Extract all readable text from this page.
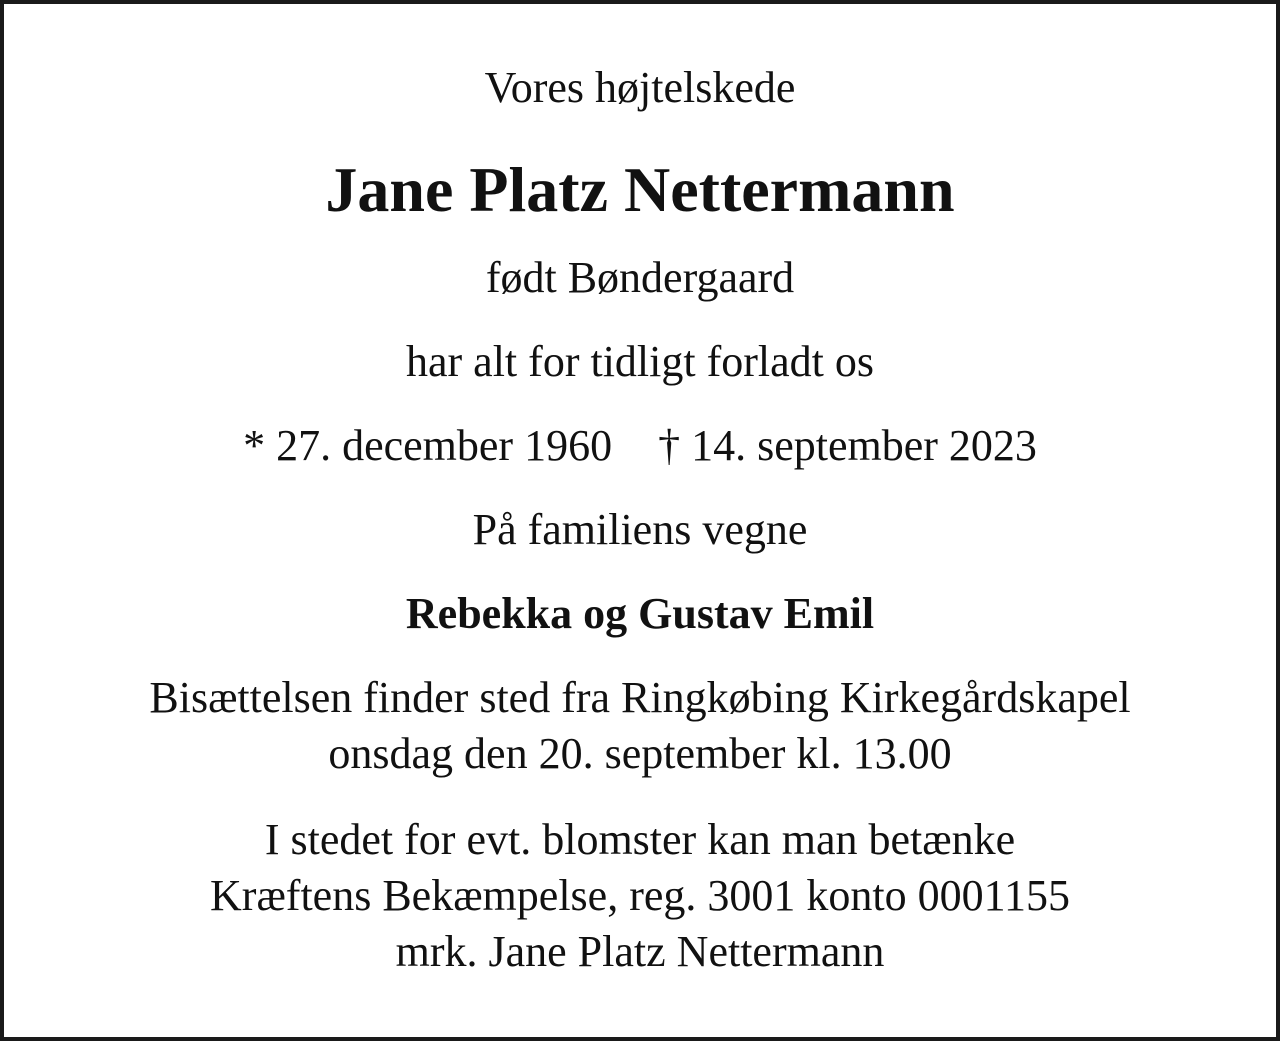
Vores højtelskede
Jane Platz Nettermann
født Bøndergaard
har alt for tidligt forladt os
* 27. december 1960 † 14. september 2023
På familiens vegne
Rebekka og Gustav Emil
Bisættelsen finder sted fra Ringkøbing Kirkegårdskapel
onsdag den 20. september kl. 13.00
I stedet for evt. blomster kan man betænke
Kræftens Bekæmpelse, reg. 3001 konto 0001155
mrk. Jane Platz Nettermann
